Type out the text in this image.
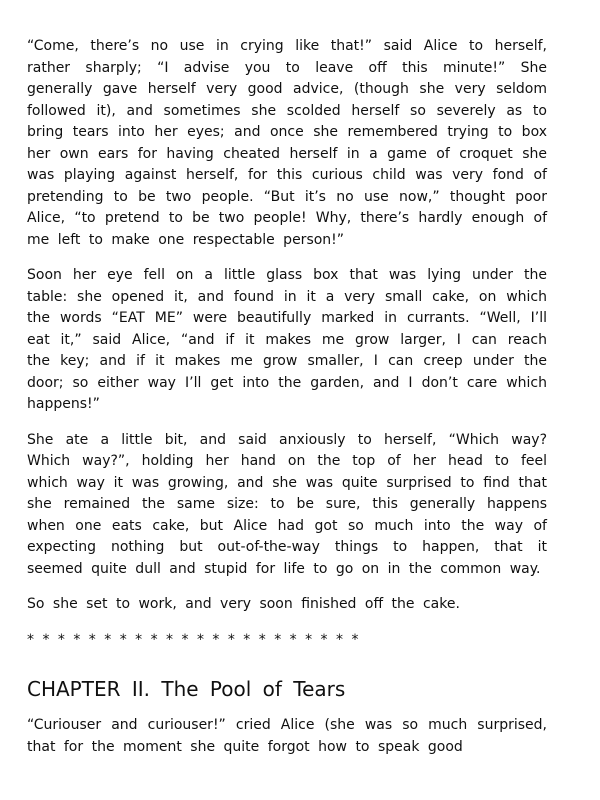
“Come, there’s no use in crying like that!” said Alice to herself, rather sharply; “I advise you to leave off this minute!” She generally gave herself very good advice, (though she very seldom followed it), and sometimes she scolded herself so severely as to bring tears into her eyes; and once she remembered trying to box her own ears for having cheated herself in a game of croquet she was playing against herself, for this curious child was very fond of pretending to be two people. “But it’s no use now,” thought poor Alice, “to pretend to be two people! Why, there’s hardly enough of me left to make one respectable person!”

Soon her eye fell on a little glass box that was lying under the table: she opened it, and found in it a very small cake, on which the words “EAT ME” were beautifully marked in currants. “Well, I’ll eat it,” said Alice, “and if it makes me grow larger, I can reach the key; and if it makes me grow smaller, I can creep under the door; so either way I’ll get into the garden, and I don’t care which happens!”

She ate a little bit, and said anxiously to herself, “Which way? Which way?”, holding her hand on the top of her head to feel which way it was growing, and she was quite surprised to find that she remained the same size: to be sure, this generally happens when one eats cake, but Alice had got so much into the way of expecting nothing but out-of-the-way things to happen, that it seemed quite dull and stupid for life to go on in the common way.

So she set to work, and very soon finished off the cake.

* * * * * * * * * * * * * * * * * * * * * *

CHAPTER II. The Pool of Tears

“Curiouser and curiouser!” cried Alice (she was so much surprised, that for the moment she quite forgot how to speak good
